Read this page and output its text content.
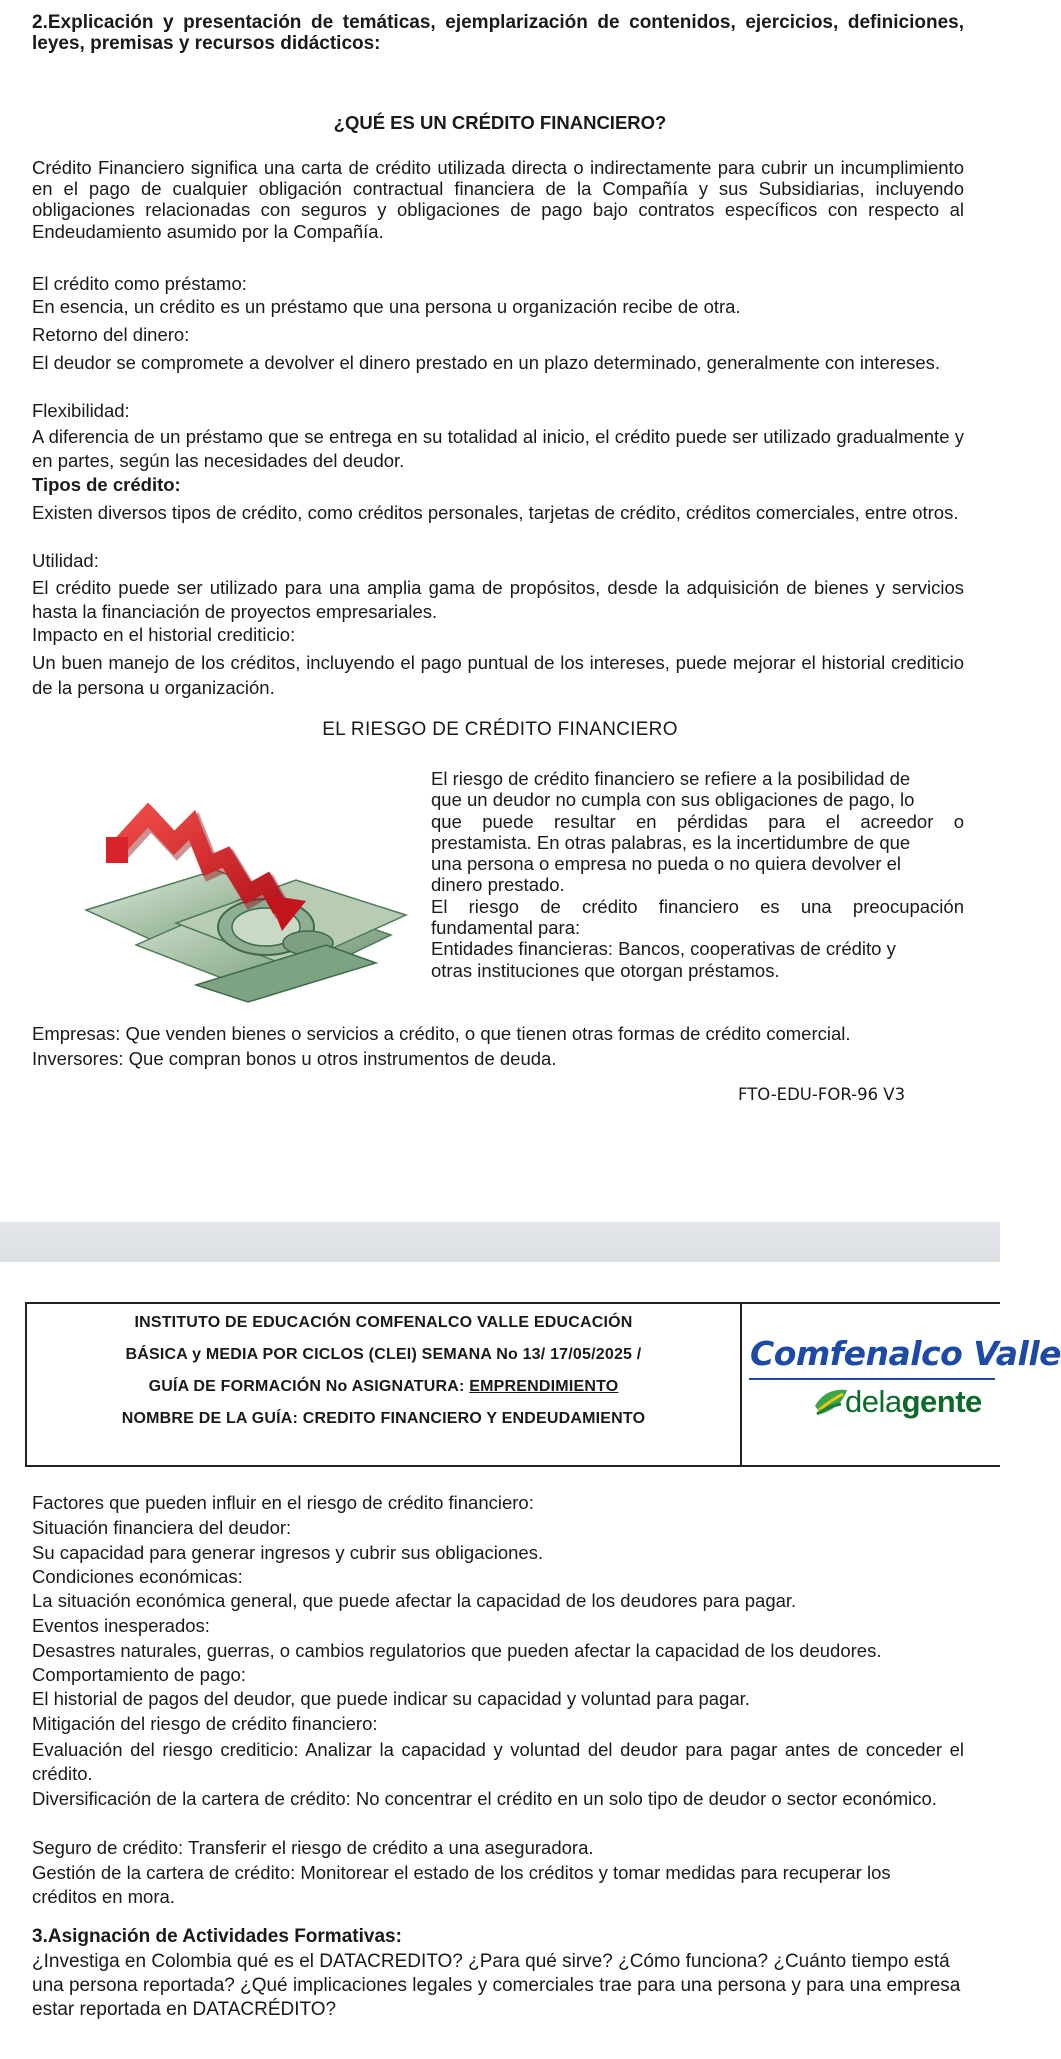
2.Explicación y presentación de temáticas, ejemplarización de contenidos, ejercicios, definiciones, leyes, premisas y recursos didácticos:

¿QUÉ ES UN CRÉDITO FINANCIERO?

Crédito Financiero significa una carta de crédito utilizada directa o indirectamente para cubrir un incumplimiento en el pago de cualquier obligación contractual financiera de la Compañía y sus Subsidiarias, incluyendo obligaciones relacionadas con seguros y obligaciones de pago bajo contratos específicos con respecto al Endeudamiento asumido por la Compañía.

El crédito como préstamo:

En esencia, un crédito es un préstamo que una persona u organización recibe de otra.

Retorno del dinero:

El deudor se compromete a devolver el dinero prestado en un plazo determinado, generalmente con intereses.

Flexibilidad:

A diferencia de un préstamo que se entrega en su totalidad al inicio, el crédito puede ser utilizado gradualmente y en partes, según las necesidades del deudor.

Tipos de crédito:

Existen diversos tipos de crédito, como créditos personales, tarjetas de crédito, créditos comerciales, entre otros.

Utilidad:

El crédito puede ser utilizado para una amplia gama de propósitos, desde la adquisición de bienes y servicios hasta la financiación de proyectos empresariales.

Impacto en el historial crediticio:

Un buen manejo de los créditos, incluyendo el pago puntual de los intereses, puede mejorar el historial crediticio de la persona u organización.

EL RIESGO DE CRÉDITO FINANCIERO

El riesgo de crédito financiero se refiere a la posibilidad de
que un deudor no cumpla con sus obligaciones de pago, lo
que puede resultar en pérdidas para el acreedor o
prestamista. En otras palabras, es la incertidumbre de que
una persona o empresa no pueda o no quiera devolver el
dinero prestado.
El riesgo de crédito financiero es una preocupación
fundamental para:
Entidades financieras: Bancos, cooperativas de crédito y
otras instituciones que otorgan préstamos.

Empresas: Que venden bienes o servicios a crédito, o que tienen otras formas de crédito comercial.

Inversores: Que compran bonos u otros instrumentos de deuda.

FTO-EDU-FOR-96 V3

INSTITUTO DE EDUCACIÓN COMFENALCO VALLE EDUCACIÓN

BÁSICA y MEDIA POR CICLOS (CLEI) SEMANA No 13/ 17/05/2025 /

GUÍA DE FORMACIÓN No ASIGNATURA: EMPRENDIMIENTO

NOMBRE DE LA GUÍA: CREDITO FINANCIERO Y ENDEUDAMIENTO

Comfenalco Valle
delagente

Factores que pueden influir en el riesgo de crédito financiero:

Situación financiera del deudor:

Su capacidad para generar ingresos y cubrir sus obligaciones.

Condiciones económicas:

La situación económica general, que puede afectar la capacidad de los deudores para pagar.

Eventos inesperados:

Desastres naturales, guerras, o cambios regulatorios que pueden afectar la capacidad de los deudores.

Comportamiento de pago:

El historial de pagos del deudor, que puede indicar su capacidad y voluntad para pagar.

Mitigación del riesgo de crédito financiero:

Evaluación del riesgo crediticio: Analizar la capacidad y voluntad del deudor para pagar antes de conceder el crédito.

Diversificación de la cartera de crédito: No concentrar el crédito en un solo tipo de deudor o sector económico.

Seguro de crédito: Transferir el riesgo de crédito a una aseguradora.

Gestión de la cartera de crédito: Monitorear el estado de los créditos y tomar medidas para recuperar los créditos en mora.

3.Asignación de Actividades Formativas:

¿Investiga en Colombia qué es el DATACREDITO? ¿Para qué sirve? ¿Cómo funciona? ¿Cuánto tiempo está una persona reportada? ¿Qué implicaciones legales y comerciales trae para una persona y para una empresa estar reportada en DATACRÉDITO?
